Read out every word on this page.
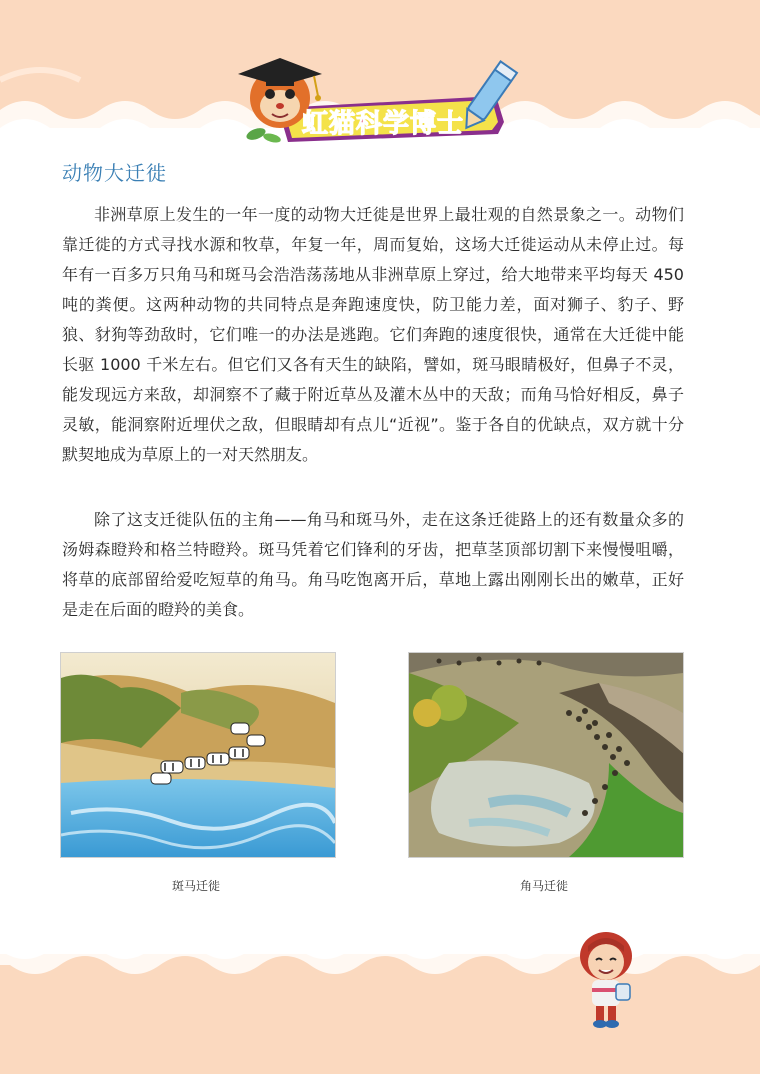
虹猫科学博士
动物大迁徙

非洲草原上发生的一年一度的动物大迁徙是世界上最壮观的自然景象之一。动物们靠迁徙的方式寻找水源和牧草，年复一年，周而复始，这场大迁徙运动从未停止过。每年有一百多万只角马和斑马会浩浩荡荡地从非洲草原上穿过，给大地带来平均每天 450 吨的粪便。这两种动物的共同特点是奔跑速度快，防卫能力差，面对狮子、豹子、野狼、豺狗等劲敌时，它们唯一的办法是逃跑。它们奔跑的速度很快，通常在大迁徙中能长驱 1000 千米左右。但它们又各有天生的缺陷，譬如，斑马眼睛极好，但鼻子不灵，能发现远方来敌，却洞察不了藏于附近草丛及灌木丛中的天敌；而角马恰好相反，鼻子灵敏，能洞察附近埋伏之敌，但眼睛却有点儿“近视”。鉴于各自的优缺点，双方就十分默契地成为草原上的一对天然朋友。

除了这支迁徙队伍的主角——角马和斑马外，走在这条迁徙路上的还有数量众多的汤姆森瞪羚和格兰特瞪羚。斑马凭着它们锋利的牙齿，把草茎顶部切割下来慢慢咀嚼，将草的底部留给爱吃短草的角马。角马吃饱离开后，草地上露出刚刚长出的嫩草，正好是走在后面的瞪羚的美食。

斑马迁徙	角马迁徙
